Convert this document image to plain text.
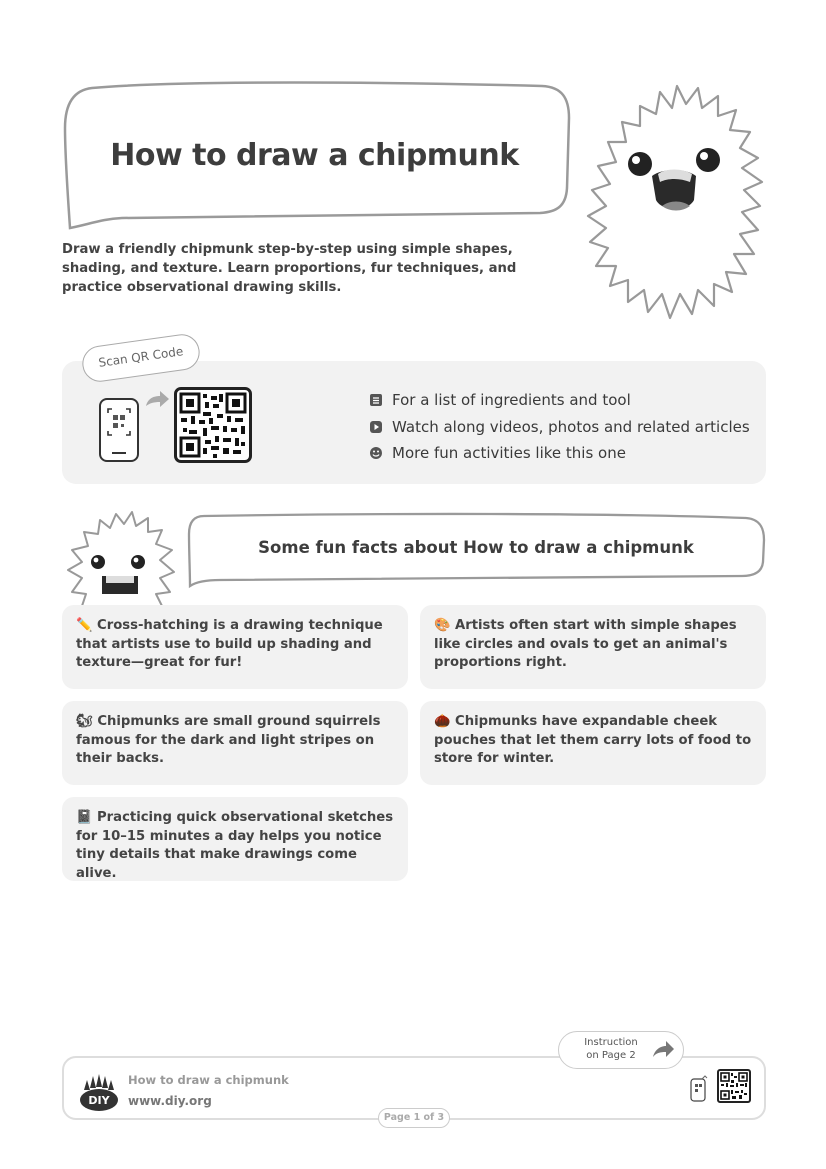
How to draw a chipmunk

Draw a friendly chipmunk step-by-step using simple shapes, shading, and texture. Learn proportions, fur techniques, and practice observational drawing skills.

Scan QR Code
For a list of ingredients and tool
Watch along videos, photos and related articles
More fun activities like this one
Some fun facts about How to draw a chipmunk
✏️ Cross-hatching is a drawing technique that artists use to build up shading and texture—great for fur!
🎨 Artists often start with simple shapes like circles and ovals to get an animal's proportions right.
🐿 Chipmunks are small ground squirrels famous for the dark and light stripes on their backs.
🌰 Chipmunks have expandable cheek pouches that let them carry lots of food to store for winter.
📓 Practicing quick observational sketches for 10–15 minutes a day helps you notice tiny details that make drawings come alive.
Instruction
on Page 2
DIY
How to draw a chipmunk
www.diy.org
Page 1 of 3
